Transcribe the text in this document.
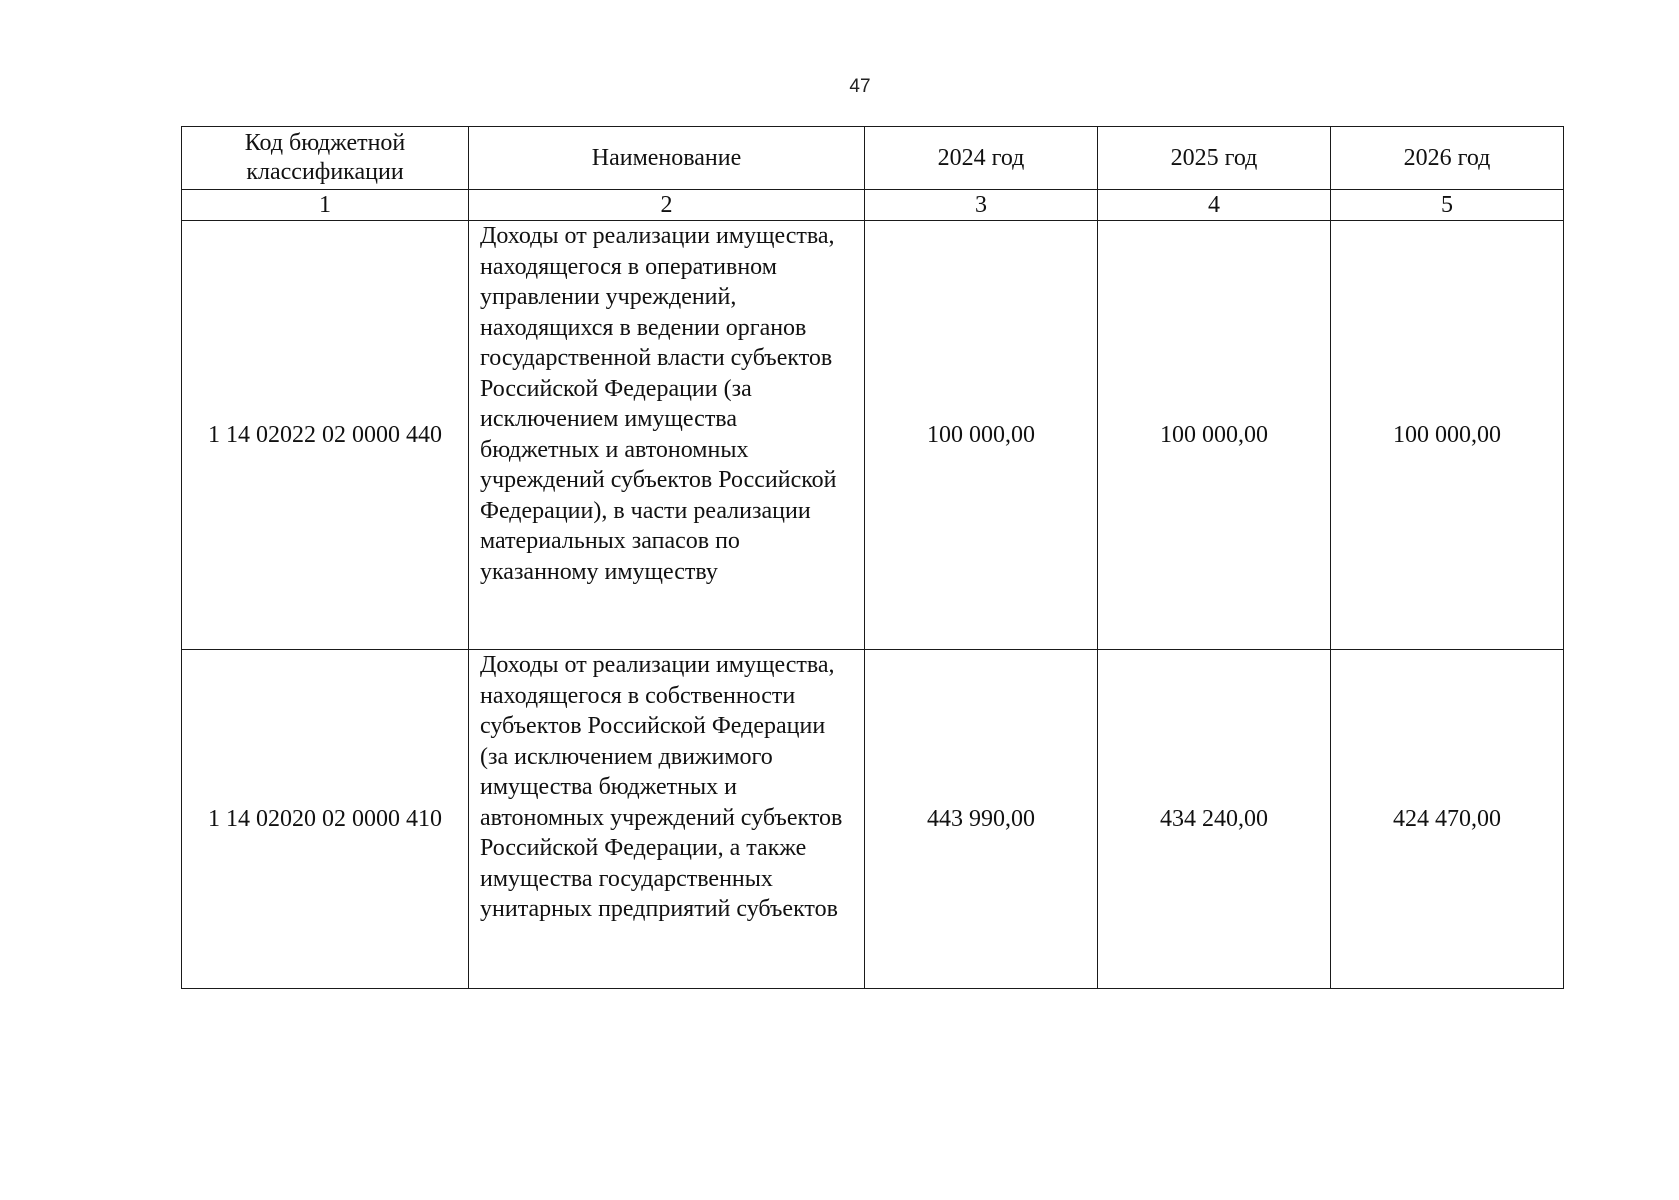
47
Код бюджетной классификации	Наименование	2024 год	2025 год	2026 год
1	2	3	4	5
1 14 02022 02 0000 440	Доходы от реализации имущества, находящегося в оперативном управлении учреждений, находящихся в ведении органов государственной власти субъектов Российской Федерации (за исключением имущества бюджетных и автономных учреждений субъектов Российской Федерации), в части реализации материальных запасов по указанному имуществу	100 000,00	100 000,00	100 000,00
1 14 02020 02 0000 410	Доходы от реализации имущества, находящегося в собственности субъектов Российской Федерации (за исключением движимого имущества бюджетных и автономных учреждений субъектов Российской Федерации, а также имущества государственных унитарных предприятий субъектов	443 990,00	434 240,00	424 470,00
